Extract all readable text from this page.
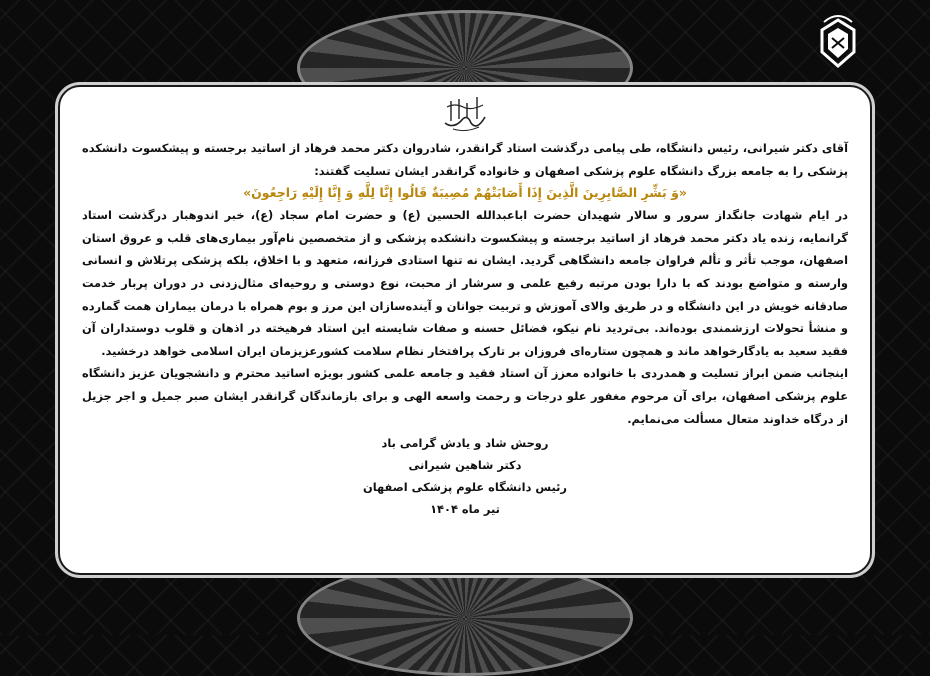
آقای دکتر شیرانی، رئیس دانشگاه، طی پیامی درگذشت استاد گرانقدر، شادروان دکتر محمد فرهاد از اساتید برجسته و پیشکسوت دانشکده پزشکی را به جامعه بزرگ دانشگاه علوم پزشکی اصفهان و خانواده گرانقدر ایشان تسلیت گفتند:

«وَ بَشِّرِ الصَّابِرِینَ الَّذِینَ إِذَا أَصَابَتْهُمْ مُصِیبَةٌ قَالُوا إِنَّا لِلَّهِ وَ إِنَّا إِلَیْهِ رَاجِعُونَ»

در ایام شهادت جانگداز سرور و سالار شهیدان حضرت اباعبدالله الحسین (ع) و حضرت امام سجاد (ع)، خبر اندوهبار درگذشت استاد گرانمایه، زنده یاد دکتر محمد فرهاد از اساتید برجسته و پیشکسوت دانشکده پزشکی و از متخصصین نام‌آور بیماری‌های قلب و عروق استان اصفهان، موجب تأثر و تألم فراوان جامعه دانشگاهی گردید. ایشان نه تنها استادی فرزانه، متعهد و با اخلاق، بلکه پزشکی پرتلاش و انسانی وارسته و متواضع بودند که با دارا بودن مرتبه رفیع علمی و سرشار از محبت، نوع دوستی و روحیه‌ای مثال‌زدنی در دوران پربار خدمت صادقانه خویش در این دانشگاه و در طریق والای آموزش و تربیت جوانان و آینده‌سازان این مرز و بوم همراه با درمان بیماران همت گمارده و منشأ تحولات ارزشمندی بوده‌اند. بی‌تردید نام نیکو، فضائل حسنه و صفات شایسته این استاد فرهیخته در اذهان و قلوب دوستداران آن فقید سعید به یادگارخواهد ماند و همچون ستاره‌ای فروزان بر تارک پرافتخار نظام سلامت کشورعزیزمان ایران اسلامی خواهد درخشید.

اینجانب ضمن ابراز تسلیت و همدردی با خانواده معزز آن استاد فقید و جامعه علمی کشور بویژه اساتید محترم و دانشجویان عزیز دانشگاه علوم پزشکی اصفهان، برای آن مرحوم مغفور علو درجات و رحمت واسعه الهی و برای بازماندگان گرانقدر ایشان صبر جمیل و اجر جزیل از درگاه خداوند متعال مسألت می‌نمایم.

روحش شاد و یادش گرامی باد

دکتر شاهین شیرانی

رئیس دانشگاه علوم پزشکی اصفهان

تیر ماه ۱۴۰۴
